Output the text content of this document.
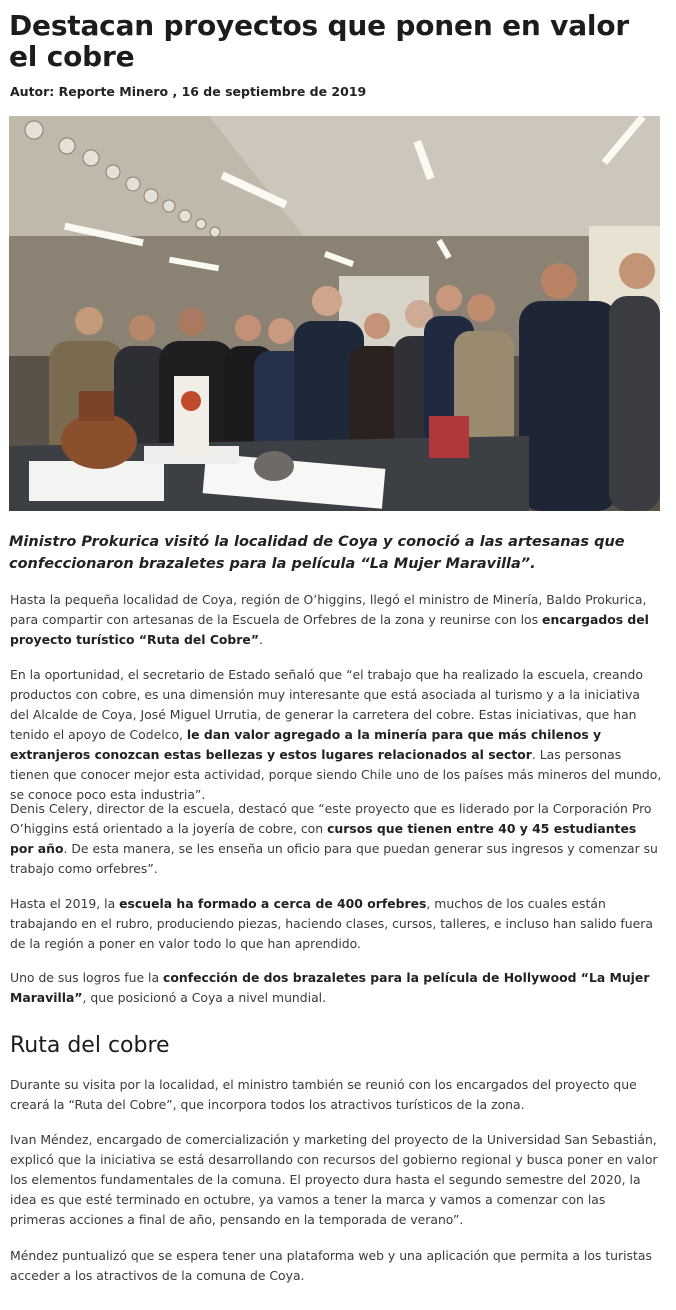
Destacan proyectos que ponen en valor el cobre
Autor: Reporte Minero , 16 de septiembre de 2019
Ministro Prokurica visitó la localidad de Coya y conoció a las artesanas que confeccionaron brazaletes para la película “La Mujer Maravilla”.

Hasta la pequeña localidad de Coya, región de O’higgins, llegó el ministro de Minería, Baldo Prokurica, para compartir con artesanas de la Escuela de Orfebres de la zona y reunirse con los encargados del proyecto turístico “Ruta del Cobre”.

En la oportunidad, el secretario de Estado señaló que “el trabajo que ha realizado la escuela, creando productos con cobre, es una dimensión muy interesante que está asociada al turismo y a la iniciativa del Alcalde de Coya, José Miguel Urrutia, de generar la carretera del cobre. Estas iniciativas, que han tenido el apoyo de Codelco, le dan valor agregado a la minería para que más chilenos y extranjeros conozcan estas bellezas y estos lugares relacionados al sector. Las personas tienen que conocer mejor esta actividad, porque siendo Chile uno de los países más mineros del mundo, se conoce poco esta industria”.

Denis Celery, director de la escuela, destacó que “este proyecto que es liderado por la Corporación Pro O’higgins está orientado a la joyería de cobre, con cursos que tienen entre 40 y 45 estudiantes por año. De esta manera, se les enseña un oficio para que puedan generar sus ingresos y comenzar su trabajo como orfebres”.

Hasta el 2019, la escuela ha formado a cerca de 400 orfebres, muchos de los cuales están trabajando en el rubro, produciendo piezas, haciendo clases, cursos, talleres, e incluso han salido fuera de la región a poner en valor todo lo que han aprendido.

Uno de sus logros fue la confección de dos brazaletes para la película de Hollywood “La Mujer Maravilla”, que posicionó a Coya a nivel mundial.

Ruta del cobre

Durante su visita por la localidad, el ministro también se reunió con los encargados del proyecto que creará la “Ruta del Cobre”, que incorpora todos los atractivos turísticos de la zona.

Ivan Méndez, encargado de comercialización y marketing del proyecto de la Universidad San Sebastián, explicó que la iniciativa se está desarrollando con recursos del gobierno regional y busca poner en valor los elementos fundamentales de la comuna. El proyecto dura hasta el segundo semestre del 2020, la idea es que esté terminado en octubre, ya vamos a tener la marca y vamos a comenzar con las primeras acciones a final de año, pensando en la temporada de verano”.

Méndez puntualizó que se espera tener una plataforma web y una aplicación que permita a los turistas acceder a los atractivos de la comuna de Coya.
